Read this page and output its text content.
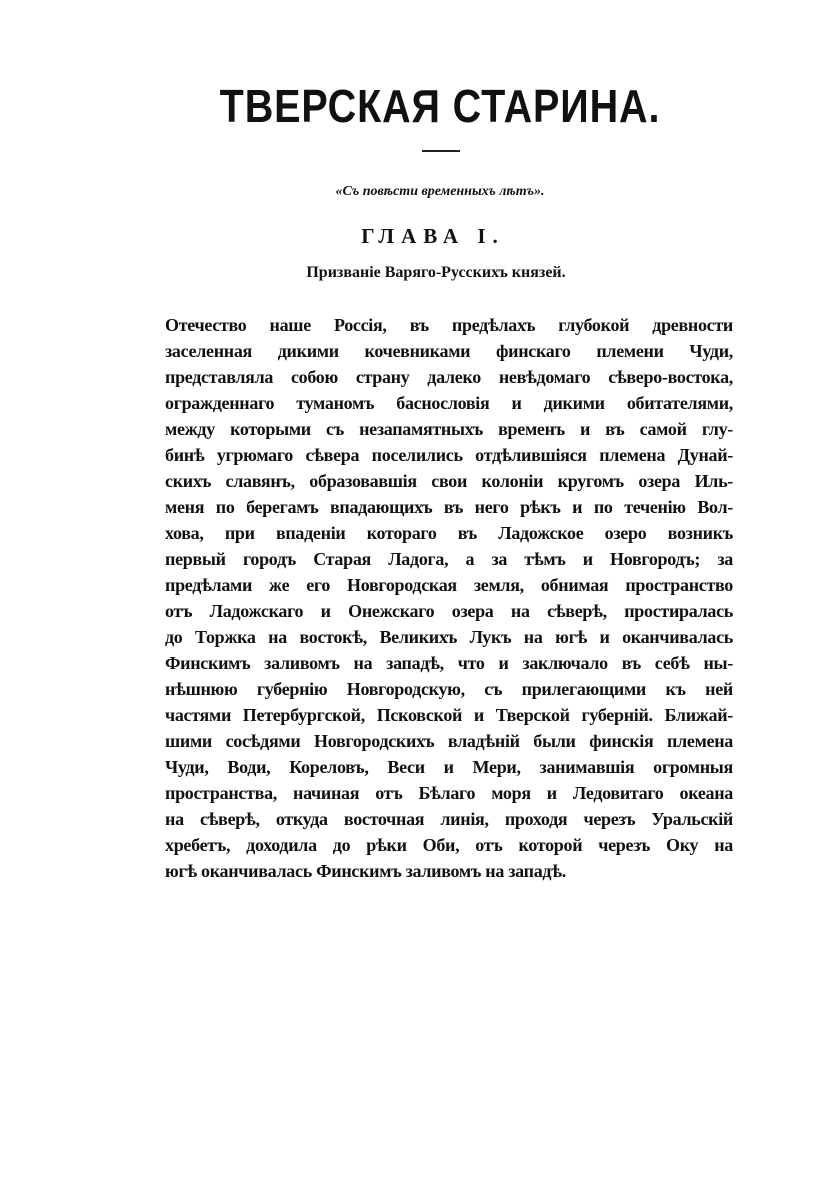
ТВЕРСКАЯ СТАРИНА.
«Съ повѣсти временныхъ лѣтъ».
ГЛАВА I.
Призванiе Варяго-Русскихъ князей.
Отечество наше Россiя, въ предѣлахъ глубокой древности
заселенная дикими кочевниками финскаго племени Чуди,
представляла собою страну далеко невѣдомаго сѣверо-востока,
огражденнаго туманомъ баснословiя и дикими обитателями,
между которыми съ незапамятныхъ временъ и въ самой глу-
бинѣ угрюмаго сѣвера поселились отдѣлившiяся племена Дунай-
скихъ славянъ, образовавшiя свои колонiи кругомъ озера Иль-
меня по берегамъ впадающихъ въ него рѣкъ и по теченiю Вол-
хова, при впаденiи котораго въ Ладожское озеро возникъ
первый городъ Старая Ладога, а за тѣмъ и Новгородъ; за
предѣлами же его Новгородская земля, обнимая пространство
отъ Ладожскаго и Онежскаго озера на сѣверѣ, простиралась
до Торжка на востокѣ, Великихъ Лукъ на югѣ и оканчивалась
Финскимъ заливомъ на западѣ, что и заключало въ себѣ ны-
нѣшнюю губернiю Новгородскую, съ прилегающими къ ней
частями Петербургской, Псковской и Тверской губернiй. Ближай-
шими сосѣдями Новгородскихъ владѣнiй были финскiя племена
Чуди, Води, Кореловъ, Веси и Мери, занимавшiя огромныя
пространства, начиная отъ Бѣлаго моря и Ледовитаго океана
на сѣверѣ, откуда восточная линiя, проходя черезъ Уральскiй
хребетъ, доходила до рѣки Оби, отъ которой черезъ Оку на
югѣ оканчивалась Финскимъ заливомъ на западѣ.
